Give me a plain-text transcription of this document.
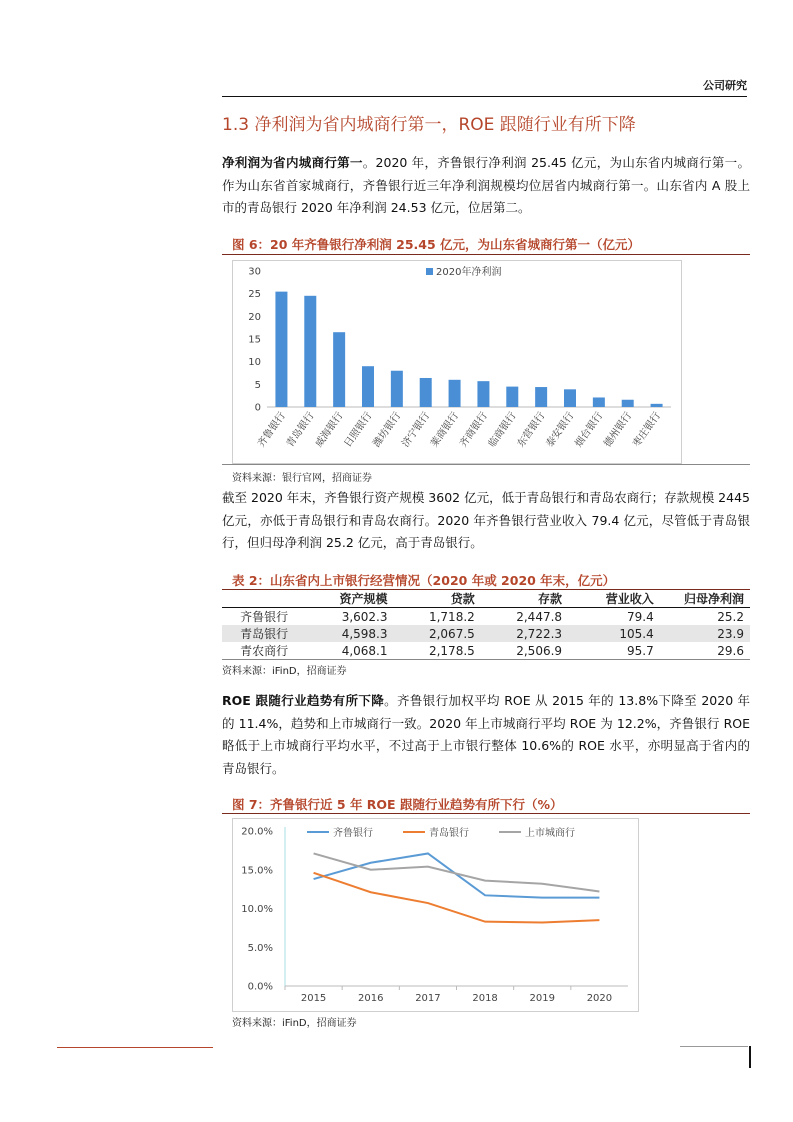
公司研究
1.3 净利润为省内城商行第一，ROE 跟随行业有所下降
净利润为省内城商行第一。2020 年，齐鲁银行净利润 25.45 亿元，为山东省内城商行第一。作为山东省首家城商行，齐鲁银行近三年净利润规模均位居省内城商行第一。山东省内 A 股上市的青岛银行 2020 年净利润 24.53 亿元，位居第二。
图 6：20 年齐鲁银行净利润 25.45 亿元，为山东省城商行第一（亿元）
0
5
10
15
20
25
30
齐鲁银行
青岛银行
威海银行
日照银行
潍坊银行
济宁银行
莱商银行
齐商银行
临商银行
东营银行
泰安银行
烟台银行
德州银行
枣庄银行
2020年净利润
资料来源：银行官网，招商证券
截至 2020 年末，齐鲁银行资产规模 3602 亿元，低于青岛银行和青岛农商行；存款规模 2445 亿元，亦低于青岛银行和青岛农商行。2020 年齐鲁银行营业收入 79.4 亿元，尽管低于青岛银行，但归母净利润 25.2 亿元，高于青岛银行。
表 2：山东省内上市银行经营情况（2020 年或 2020 年末，亿元）
	资产规模	贷款	存款	营业收入	归母净利润
齐鲁银行	3,602.3	1,718.2	2,447.8	79.4	25.2
青岛银行	4,598.3	2,067.5	2,722.3	105.4	23.9
青农商行	4,068.1	2,178.5	2,506.9	95.7	29.6
资料来源：iFinD，招商证券
ROE 跟随行业趋势有所下降。齐鲁银行加权平均 ROE 从 2015 年的 13.8%下降至 2020 年的 11.4%，趋势和上市城商行一致。2020 年上市城商行平均 ROE 为 12.2%，齐鲁银行 ROE 略低于上市城商行平均水平，不过高于上市银行整体 10.6%的 ROE 水平，亦明显高于省内的青岛银行。
图 7：齐鲁银行近 5 年 ROE 跟随行业趋势有所下行（%）
0.0%
5.0%
10.0%
15.0%
20.0%
2015	2016	2017	2018	2019	2020
齐鲁银行	青岛银行	上市城商行
资料来源：iFinD，招商证券
